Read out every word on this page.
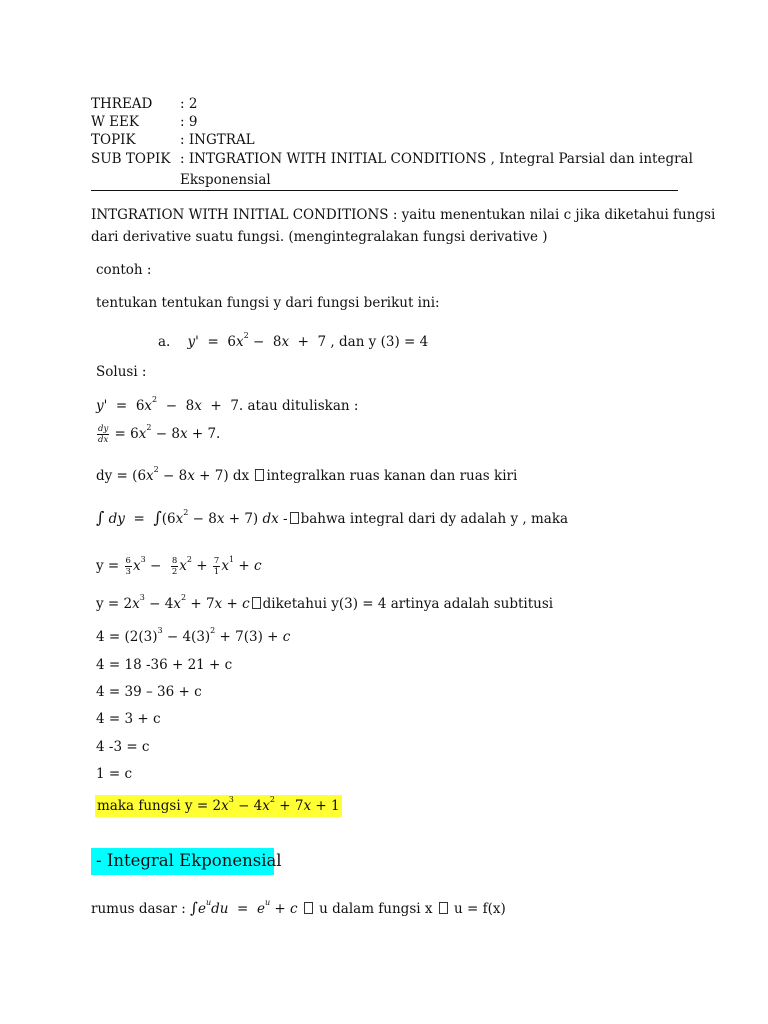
THREAD : 2
W EEK	: 9
TOPIK	: INGTRAL
SUB TOPIK : INTGRATION WITH INITIAL CONDITIONS , Integral Parsial dan integral
Eksponensial
INTGRATION WITH INITIAL CONDITIONS : yaitu menentukan nilai c jika diketahui fungsi
dari derivative suatu fungsi. (mengintegralakan fungsi derivative )
contoh :
tentukan tentukan fungsi y dari fungsi berikut ini:
a. $y' = 6x^2 - 8x + 7$ , dan y (3) = 4
Solusi :
$y' = 6x^2 - 8x + 7$. atau dituliskan :
$\frac{dy}{dx} = 6x^2 - 8x + 7$.
dy = $(6x^2 - 8x + 7)$ dx integralkan ruas kanan dan ruas kiri
∫ dy  =  $\int(6x^2 - 8x + 7)$ dx - bahwa integral dari dy adalah y , maka
$y = \frac{6}{3} x^3 - \frac{8}{2} x^2 + \frac{7}{1} x^1 + c$
$y = 2x^3 - 4x^2 + 7x + c$ diketahui y(3) = 4 artinya adalah subtitusi
$4 = (2(3)^3 - 4(3)^2 + 7(3) + c$
4 = 18 -36 + 21 + c
4 = 39 – 36 + c
4 = 3 + c
4 -3 = c
1 = c
maka fungsi $y = 2x^3 - 4x^2 + 7x + 1$
- Integral Ekponensial
rumus dasar : $\int e^udu = e^u + c$  u dalam fungsi x  u = f(x)
